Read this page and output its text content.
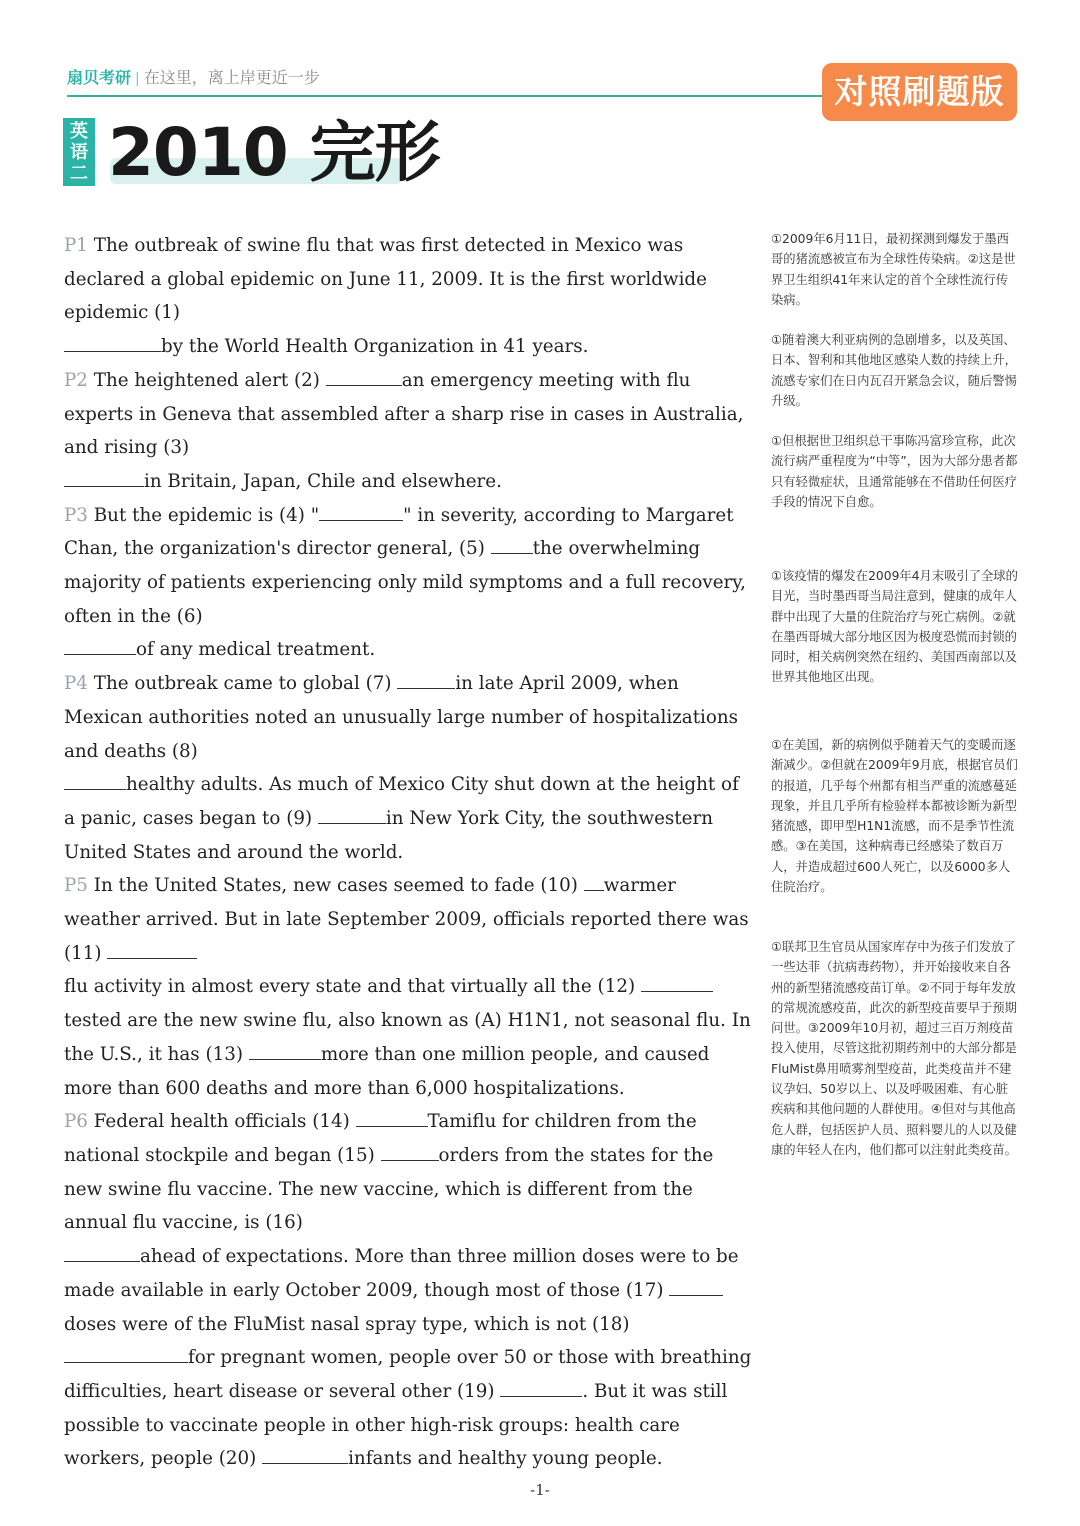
扇贝考研 | 在这里，离上岸更近一步	对照刷题版
英
语
二 2010 完形

P1 The outbreak of swine flu that was first detected in Mexico was declared a global epidemic on June 11, 2009. It is the first worldwide epidemic (1)
by the World Health Organization in 41 years.

P2 The heightened alert (2)	an emergency meeting with flu experts in Geneva that assembled after a sharp rise in cases in Australia, and rising (3)
in Britain, Japan, Chile and elsewhere.

P3 But the epidemic is (4) "	" in severity, according to Margaret Chan, the organization's director general, (5) the overwhelming majority of patients experiencing only mild symptoms and a full recovery, often in the (6)
of any medical treatment.

P4 The outbreak came to global (7)	in late April 2009, when Mexican authorities noted an unusually large number of hospitalizations and deaths (8)
healthy adults. As much of Mexico City shut down at the height of a panic, cases began to (9)	in New York City, the southwestern United States and around the world.

P5 In the United States, new cases seemed to fade (10) warmer weather arrived. But in late September 2009, officials reported there was (11)
flu activity in almost every state and that virtually all the (12) tested are the new swine flu, also known as (A) H1N1, not seasonal flu. In the U.S., it has (13)	more than one million people, and caused more than 600 deaths and more than 6,000 hospitalizations.

P6 Federal health officials (14)	Tamiflu for children from the national stockpile and began (15)	orders from the states for the new swine flu vaccine. The new vaccine, which is different from the annual flu vaccine, is (16)
ahead of expectations. More than three million doses were to be made available in early October 2009, though most of those (17) doses were of the FluMist nasal spray type, which is not (18) for pregnant women, people over 50 or those with breathing difficulties, heart disease or several other (19)	. But it was still possible to vaccinate people in other high-risk groups: health care workers, people (20)	infants and healthy young people.

①2009年6月11日，最初探测到爆发于墨西哥的猪流感被宣布为全球性传染病。②这是世界卫生组织41年来认定的首个全球性流行传染病。

①随着澳大利亚病例的急剧增多，以及英国、日本、智利和其他地区感染人数的持续上升，流感专家们在日内瓦召开紧急会议，随后警惕升级。

①但根据世卫组织总干事陈冯富珍宣称，此次流行病严重程度为“中等”，因为大部分患者都只有轻微症状，且通常能够在不借助任何医疗手段的情况下自愈。

①该疫情的爆发在2009年4月末吸引了全球的目光，当时墨西哥当局注意到，健康的成年人群中出现了大量的住院治疗与死亡病例。②就在墨西哥城大部分地区因为极度恐慌而封锁的同时，相关病例突然在纽约、美国西南部以及世界其他地区出现。

①在美国，新的病例似乎随着天气的变暖而逐渐减少。②但就在2009年9月底，根据官员们的报道，几乎每个州都有相当严重的流感蔓延现象，并且几乎所有检验样本都被诊断为新型猪流感，即甲型H1N1流感，而不是季节性流感。③在美国，这种病毒已经感染了数百万人，并造成超过600人死亡，以及6000多人住院治疗。

①联邦卫生官员从国家库存中为孩子们发放了一些达菲（抗病毒药物），并开始接收来自各州的新型猪流感疫苗订单。②不同于每年发放的常规流感疫苗，此次的新型疫苗要早于预期问世。③2009年10月初，超过三百万剂疫苗投入使用，尽管这批初期药剂中的大部分都是FluMist鼻用喷雾剂型疫苗，此类疫苗并不建议孕妇、50岁以上、以及呼吸困难、有心脏疾病和其他问题的人群使用。④但对与其他高危人群，包括医护人员、照料婴儿的人以及健康的年轻人在内，他们都可以注射此类疫苗。

-1-
